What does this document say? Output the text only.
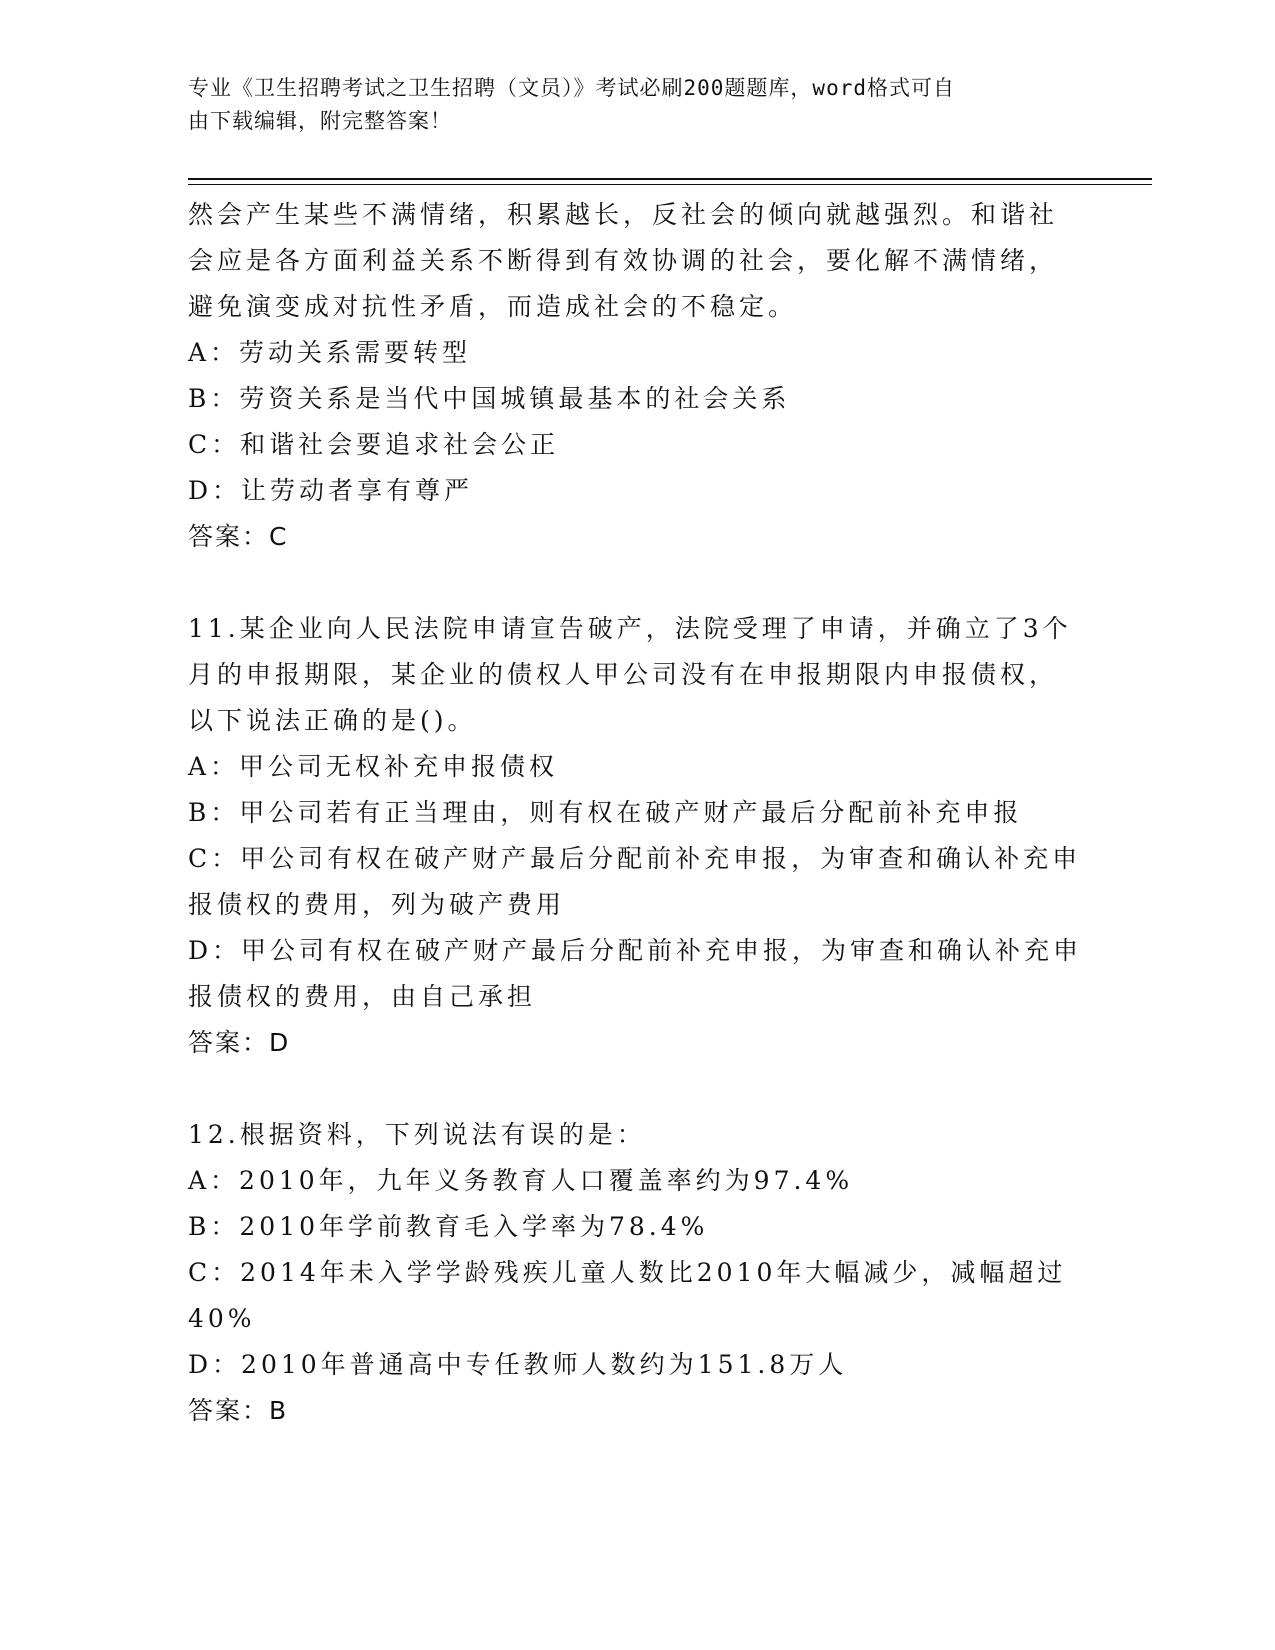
专业《卫生招聘考试之卫生招聘（文员）》考试必刷200题题库，word格式可自
由下载编辑，附完整答案！
然会产生某些不满情绪，积累越长，反社会的倾向就越强烈。和谐社
会应是各方面利益关系不断得到有效协调的社会，要化解不满情绪，
避免演变成对抗性矛盾，而造成社会的不稳定。
A：劳动关系需要转型
B：劳资关系是当代中国城镇最基本的社会关系
C：和谐社会要追求社会公正
D：让劳动者享有尊严
答案：C
11.某企业向人民法院申请宣告破产，法院受理了申请，并确立了3个
月的申报期限，某企业的债权人甲公司没有在申报期限内申报债权，
以下说法正确的是()。
A：甲公司无权补充申报债权
B：甲公司若有正当理由，则有权在破产财产最后分配前补充申报
C：甲公司有权在破产财产最后分配前补充申报，为审查和确认补充申
报债权的费用，列为破产费用
D：甲公司有权在破产财产最后分配前补充申报，为审查和确认补充申
报债权的费用，由自己承担
答案：D
12.根据资料，下列说法有误的是：
A：2010年，九年义务教育人口覆盖率约为97.4%
B：2010年学前教育毛入学率为78.4%
C：2014年未入学学龄残疾儿童人数比2010年大幅减少，减幅超过
40%
D：2010年普通高中专任教师人数约为151.8万人
答案：B
